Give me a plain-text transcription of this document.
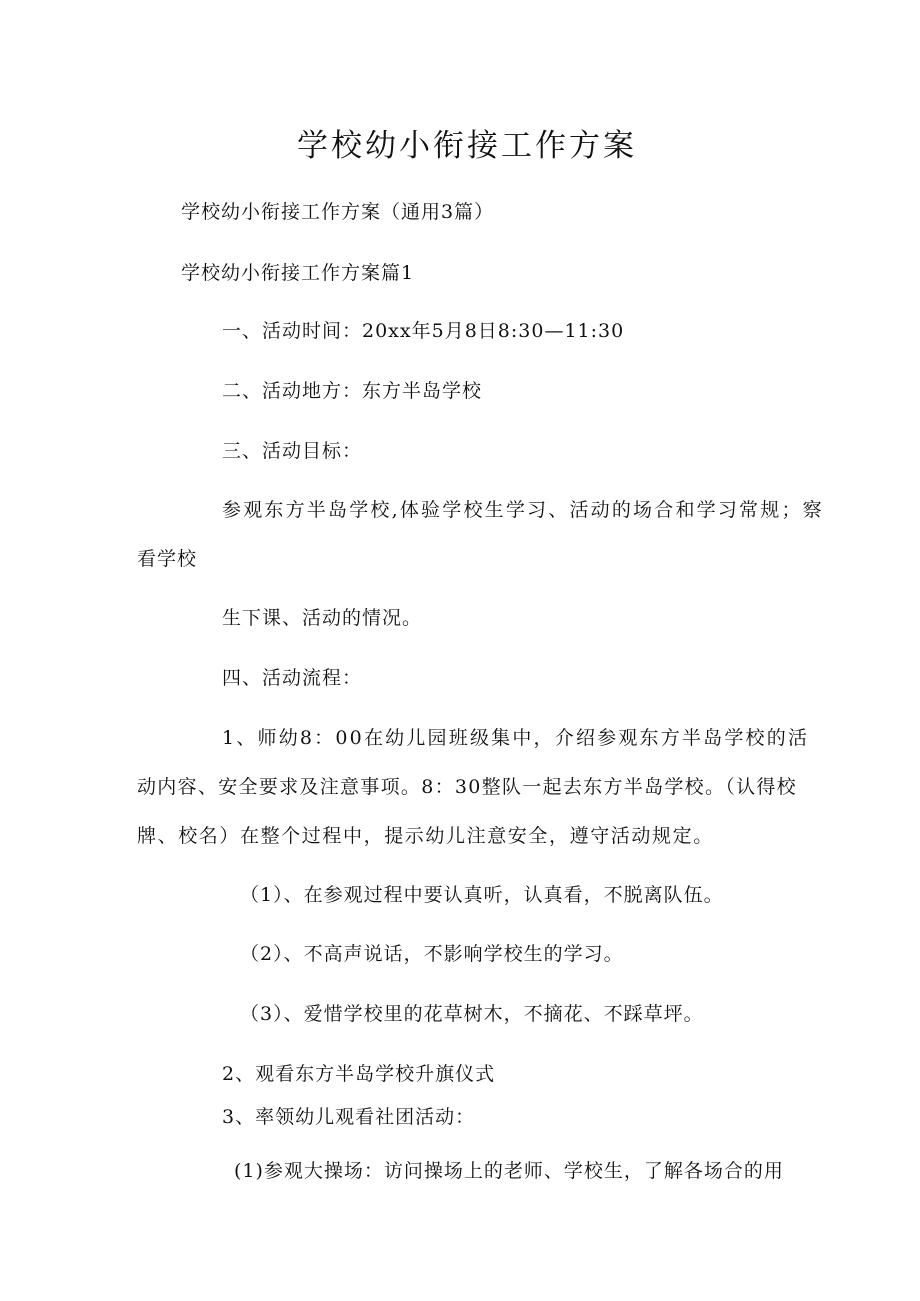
学校幼小衔接工作方案
学校幼小衔接工作方案（通用3篇）
学校幼小衔接工作方案篇1
一、活动时间：20xx年5月8日8:30—11:30
二、活动地方：东方半岛学校
三、活动目标：
参观东方半岛学校,体验学校生学习、活动的场合和学习常规；察
看学校
生下课、活动的情况。
四、活动流程：
1、师幼8：00在幼儿园班级集中，介绍参观东方半岛学校的活
动内容、安全要求及注意事项。8：30整队一起去东方半岛学校。（认得校
牌、校名）在整个过程中，提示幼儿注意安全，遵守活动规定。
（1）、在参观过程中要认真听，认真看，不脱离队伍。
（2）、不高声说话，不影响学校生的学习。
（3）、爱惜学校里的花草树木，不摘花、不踩草坪。
2、观看东方半岛学校升旗仪式
3、率领幼儿观看社团活动：
(1)参观大操场：访问操场上的老师、学校生，了解各场合的用
